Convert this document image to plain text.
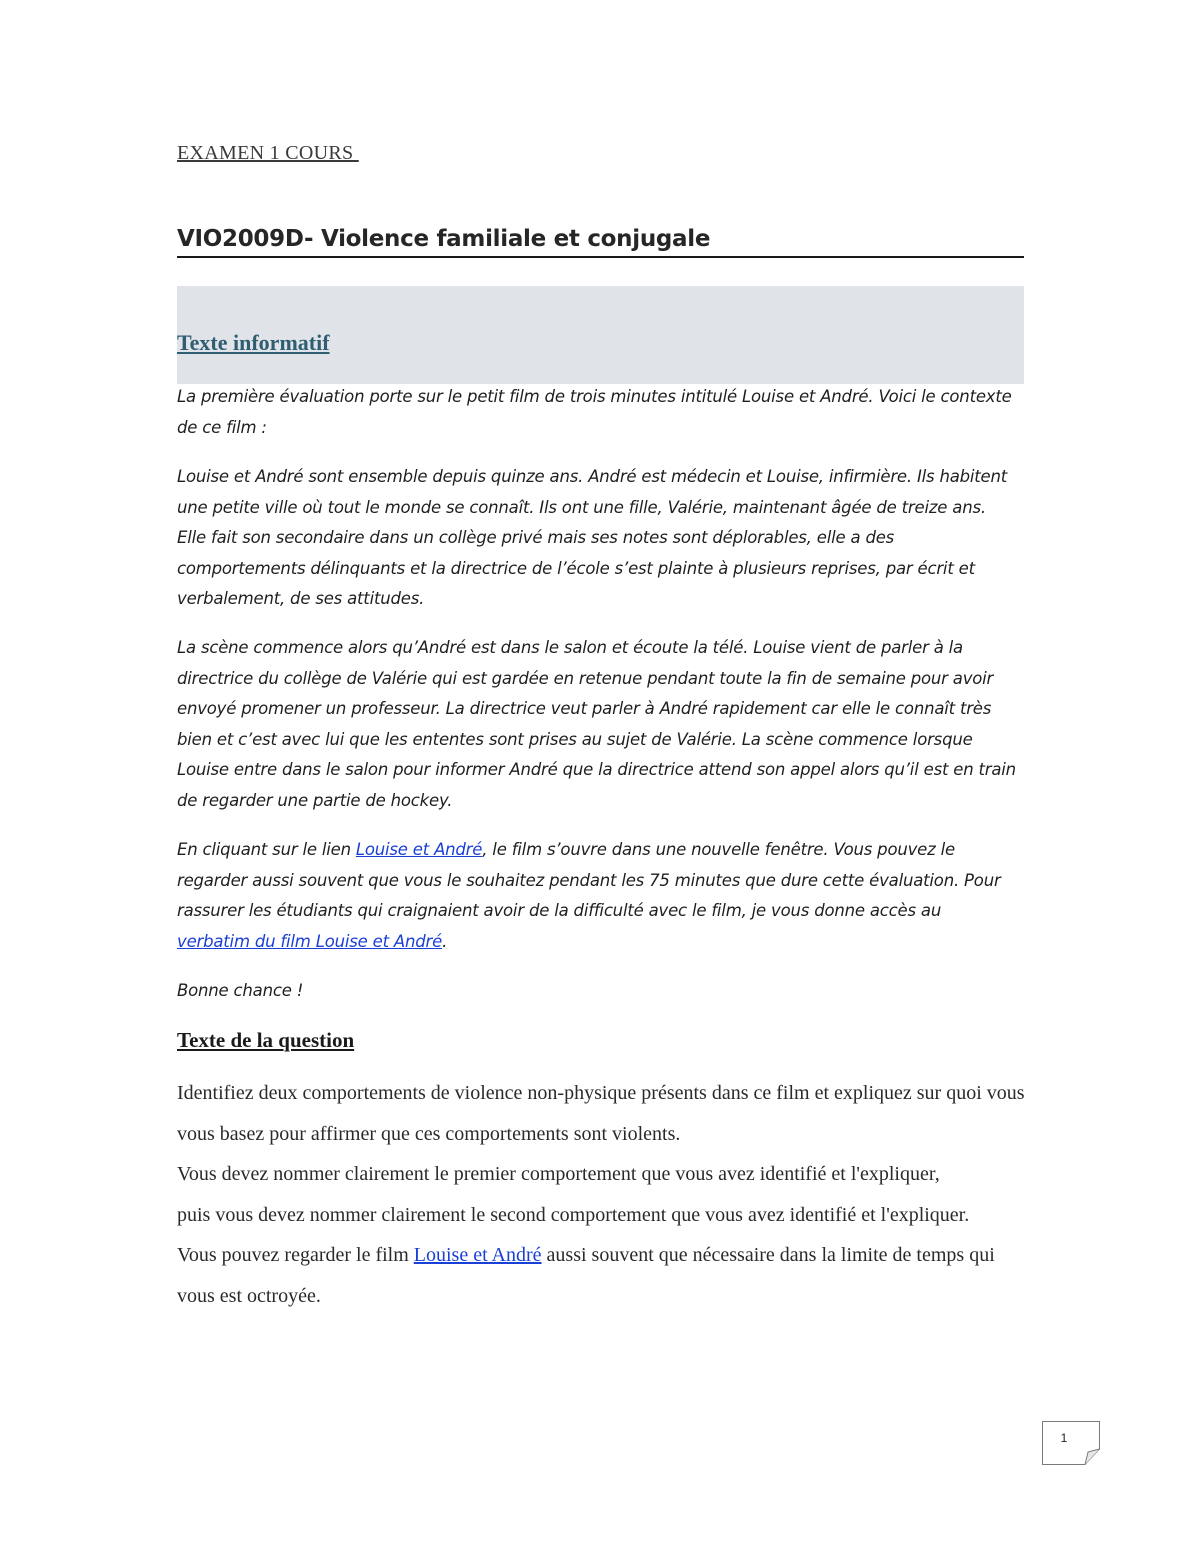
EXAMEN 1 COURS
VIO2009D- Violence familiale et conjugale
Texte informatif

La première évaluation porte sur le petit film de trois minutes intitulé Louise et André. Voici le contexte de ce film :

Louise et André sont ensemble depuis quinze ans. André est médecin et Louise, infirmière. Ils habitent une petite ville où tout le monde se connaît. Ils ont une fille, Valérie, maintenant âgée de treize ans. Elle fait son secondaire dans un collège privé mais ses notes sont déplorables, elle a des comportements délinquants et la directrice de l’école s’est plainte à plusieurs reprises, par écrit et verbalement, de ses attitudes.

La scène commence alors qu’André est dans le salon et écoute la télé. Louise vient de parler à la directrice du collège de Valérie qui est gardée en retenue pendant toute la fin de semaine pour avoir envoyé promener un professeur. La directrice veut parler à André rapidement car elle le connaît très bien et c’est avec lui que les ententes sont prises au sujet de Valérie. La scène commence lorsque Louise entre dans le salon pour informer André que la directrice attend son appel alors qu’il est en train de regarder une partie de hockey.

En cliquant sur le lien Louise et André, le film s’ouvre dans une nouvelle fenêtre. Vous pouvez le regarder aussi souvent que vous le souhaitez pendant les 75 minutes que dure cette évaluation. Pour rassurer les étudiants qui craignaient avoir de la difficulté avec le film, je vous donne accès au verbatim du film Louise et André.

Bonne chance !

Texte de la question
Identifiez deux comportements de violence non-physique présents dans ce film et expliquez sur quoi vous vous basez pour affirmer que ces comportements sont violents.
Vous devez nommer clairement le premier comportement que vous avez identifié et l'expliquer,
puis vous devez nommer clairement le second comportement que vous avez identifié et l'expliquer.
Vous pouvez regarder le film Louise et André aussi souvent que nécessaire dans la limite de temps qui vous est octroyée.
1
